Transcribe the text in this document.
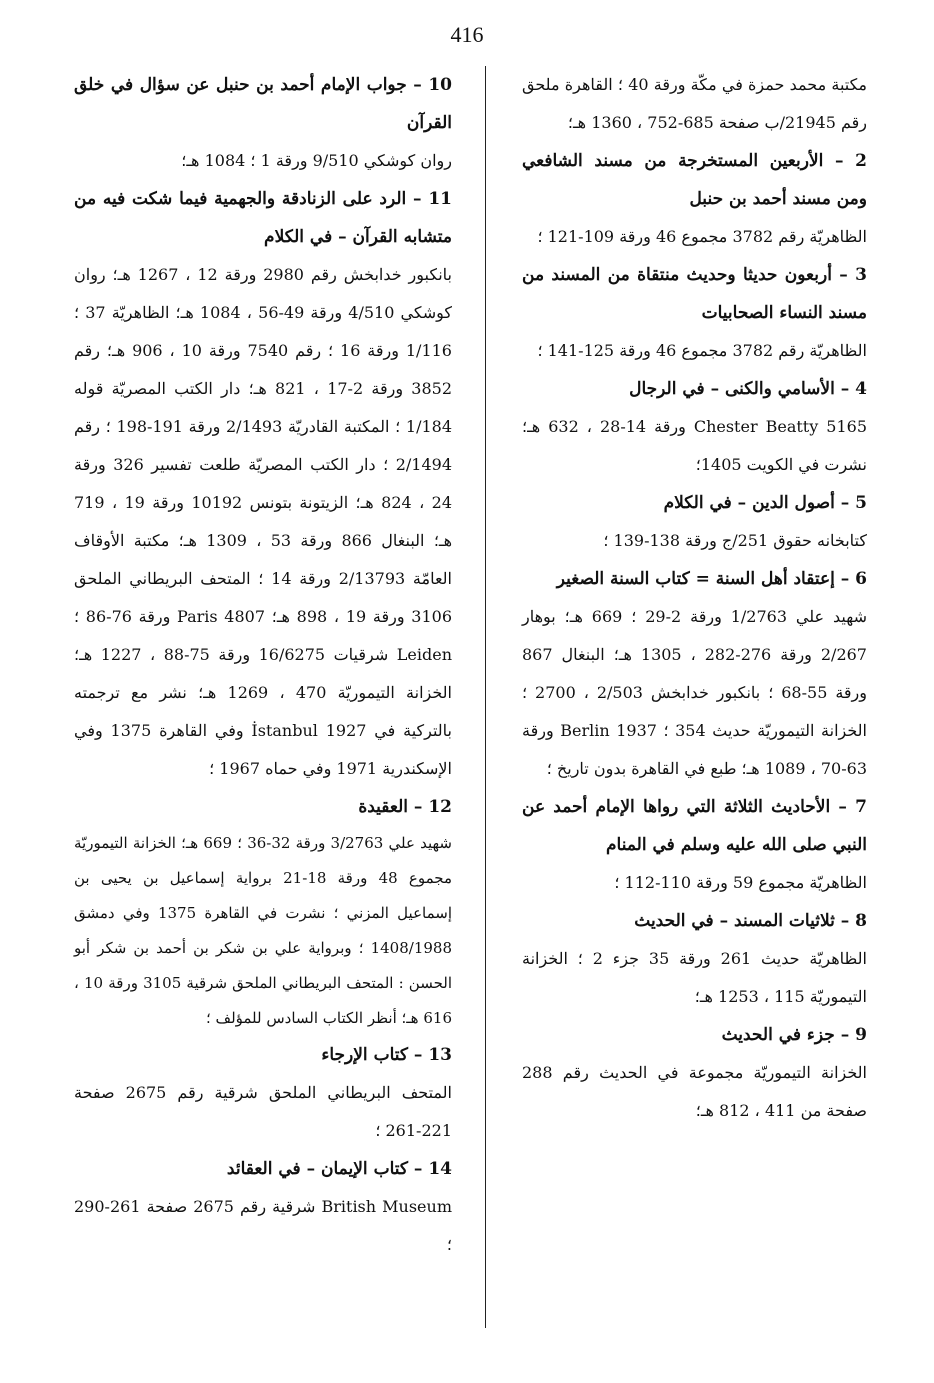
416

مكتبة محمد حمزة في مكّة ورقة 40 ؛ القاهرة ملحق رقم 21945/ب صفحة 685-752 ، 1360 هـ؛

2 – الأربعين المستخرجة من مسند الشافعي ومن مسند أحمد بن حنبل

الظاهريّة رقم 3782 مجموع 46 ورقة 109-121 ؛

3 – أربعون حديثا وحديث منتقاة من المسند من مسند النساء الصحابيات

الظاهريّة رقم 3782 مجموع 46 ورقة 125-141 ؛

4 – الأسامي والكنى – في الرجال

Chester Beatty 5165 ورقة 14-28 ، 632 هـ؛ نشرت في الكويت 1405؛

5 – أصول الدين – في الكلام

كتابخانه حقوق 251/ج ورقة 138-139 ؛

6 – إعتقاد أهل السنة = كتاب السنة الصغير

شهيد علي 1/2763 ورقة 2-29 ؛ 669 هـ؛ بوهار 2/267 ورقة 276-282 ، 1305 هـ؛ البنغال 867 ورقة 55-68 ؛ بانكبور خدابخش 2/503 ، 2700 ؛ الخزانة التيموريّة حديث 354 ؛ Berlin 1937 ورقة 63-70 ، 1089 هـ؛ طبع في القاهرة بدون تاريخ ؛

7 – الأحاديث الثلاثة التي رواها الإمام أحمد عن النبي صلى الله عليه وسلم في المنام

الظاهريّة مجموع 59 ورقة 110-112 ؛

8 – ثلاثيات المسند – في الحديث

الظاهريّة حديث 261 ورقة 35 جزء 2 ؛ الخزانة التيموريّة 115 ، 1253 هـ؛

9 – جزء في الحديث

الخزانة التيموريّة مجموعة في الحديث رقم 288 صفحة من 411 ، 812 هـ؛

10 – جواب الإمام أحمد بن حنبل عن سؤال في خلق القرآن

روان كوشكي 9/510 ورقة 1 ؛ 1084 هـ؛

11 – الرد على الزنادقة والجهمية فيما شكت فيه من متشابه القرآن – في الكلام

بانكبور خدابخش رقم 2980 ورقة 12 ، 1267 هـ؛ روان كوشكي 4/510 ورقة 49-56 ، 1084 هـ؛ الظاهريّة 37 ؛ 1/116 ورقة 16 ؛ رقم 7540 ورقة 10 ، 906 هـ؛ رقم 3852 ورقة 2-17 ، 821 هـ؛ دار الكتب المصريّة قوله 1/184 ؛ المكتبة القادريّة 2/1493 ورقة 191-198 ؛ رقم 2/1494 ؛ دار الكتب المصريّة طلعت تفسير 326 ورقة 24 ، 824 هـ؛ الزيتونة بتونس 10192 ورقة 19 ، 719 هـ؛ البنغال 866 ورقة 53 ، 1309 هـ؛ مكتبة الأوقاف العامّة 2/13793 ورقة 14 ؛ المتحف البريطاني الملحق 3106 ورقة 19 ، 898 هـ؛ Paris 4807 ورقة 76-86 ؛ Leiden شرقيات 16/6275 ورقة 75-88 ، 1227 هـ؛ الخزانة التيموريّة 470 ، 1269 هـ؛ نشر مع ترجمته بالتركية في İstanbul 1927 وفي القاهرة 1375 وفي الإسكندرية 1971 وفي حماه 1967 ؛

12 – العقيدة

شهيد علي 3/2763 ورقة 32-36 ؛ 669 هـ؛ الخزانة التيموريّة مجموع 48 ورقة 18-21 برواية إسماعيل بن يحيى بن إسماعيل المزني ؛ نشرت في القاهرة 1375 وفي دمشق 1408/1988 ؛ وبرواية علي بن شكر بن أحمد بن شكر أبو الحسن : المتحف البريطاني الملحق شرقية 3105 ورقة 10 ، 616 هـ؛ أنظر الكتاب السادس للمؤلف ؛

13 – كتاب الإرجاء

المتحف البريطاني الملحق شرقية رقم 2675 صفحة 221-261 ؛

14 – كتاب الإيمان – في العقائد

British Museum شرقية رقم 2675 صفحة 261-290 ؛
